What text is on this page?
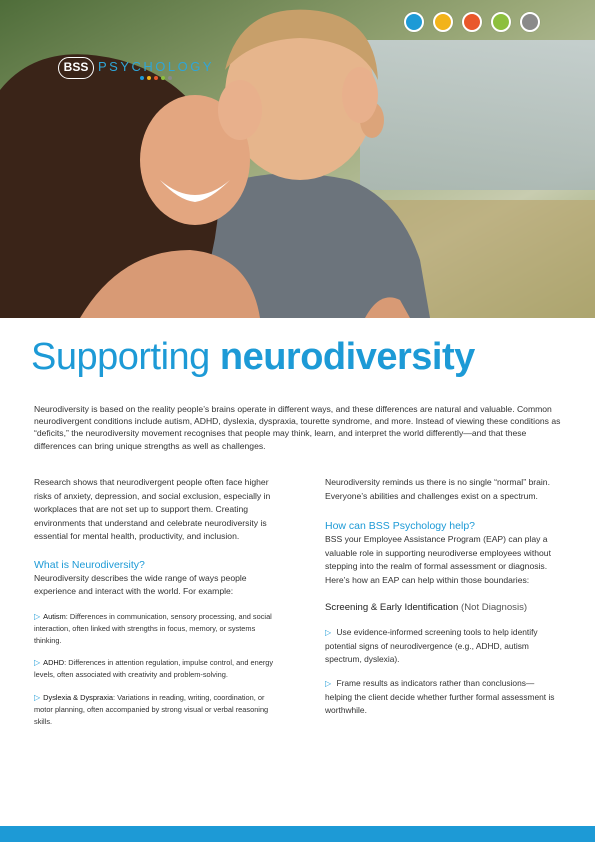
BSS PSYCHOLOGY
Supporting neurodiversity

Neurodiversity is based on the reality people’s brains operate in different ways, and these differences are natural and valuable. Common neurodivergent conditions include autism, ADHD, dyslexia, dyspraxia, tourette syndrome, and more. Instead of viewing these conditions as “deficits,” the neurodiversity movement recognises that people may think, learn, and interpret the world differently—and that these differences can bring unique strengths as well as challenges.

Research shows that neurodivergent people often face higher risks of anxiety, depression, and social exclusion, especially in workplaces that are not set up to support them. Creating environments that understand and celebrate neurodiversity is essential for mental health, productivity, and inclusion.

What is Neurodiversity?

Neurodiversity describes the wide range of ways people experience and interact with the world. For example:

▷ Autism: Differences in communication, sensory processing, and social interaction, often linked with strengths in focus, memory, or systems thinking.

▷ ADHD: Differences in attention regulation, impulse control, and energy levels, often associated with creativity and problem-solving.

▷ Dyslexia & Dyspraxia: Variations in reading, writing, coordination, or motor planning, often accompanied by strong visual or verbal reasoning skills.

Neurodiversity reminds us there is no single “normal” brain. Everyone’s abilities and challenges exist on a spectrum.

How can BSS Psychology help?

BSS your Employee Assistance Program (EAP) can play a valuable role in supporting neurodiverse employees without stepping into the realm of formal assessment or diagnosis. Here’s how an EAP can help within those boundaries:

Screening & Early Identification (Not Diagnosis)

▷ Use evidence-informed screening tools to help identify potential signs of neurodivergence (e.g., ADHD, autism spectrum, dyslexia).

▷ Frame results as indicators rather than conclusions—helping the client decide whether further formal assessment is worthwhile.
